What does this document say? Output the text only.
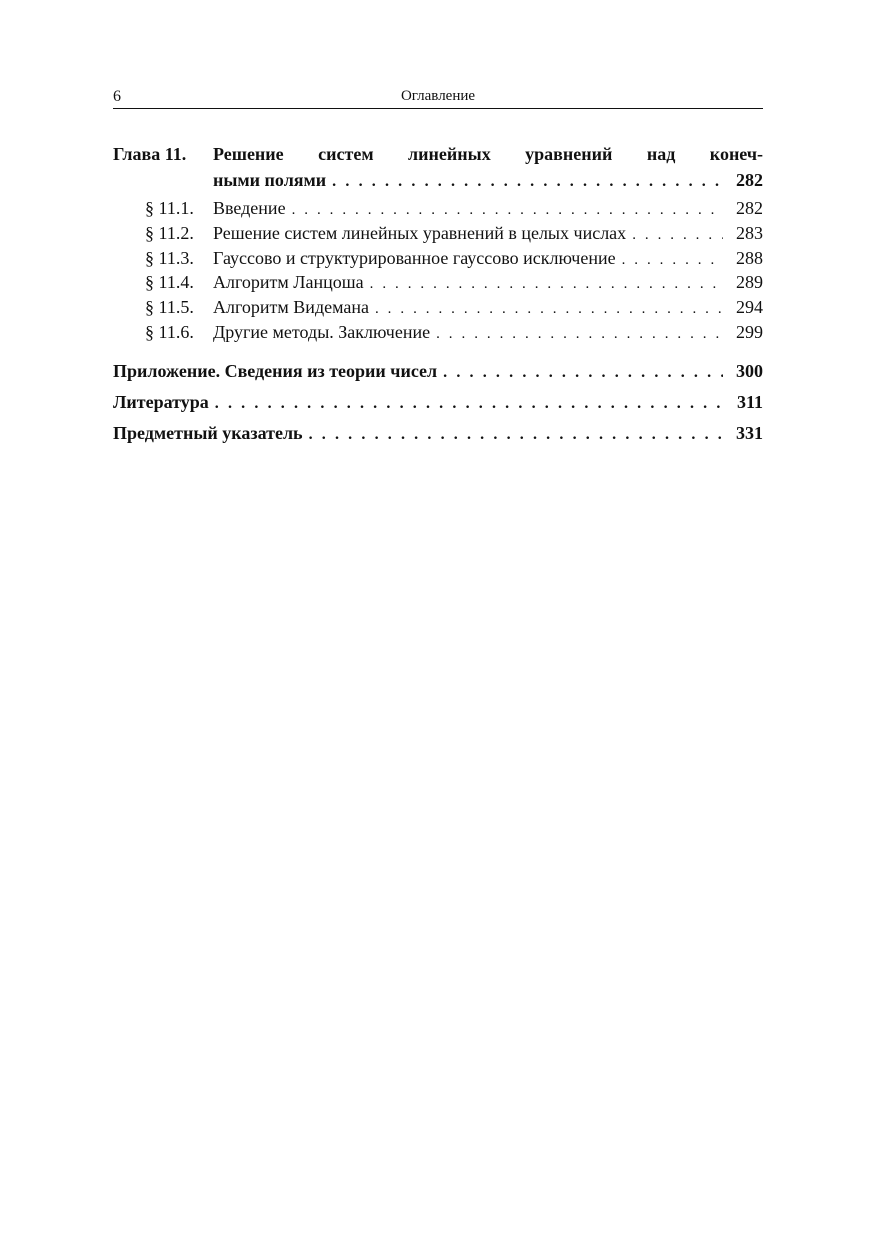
6	Оглавление
Глава 11.	Решение систем линейных уравнений над конеч-
ными полями . . .	282
§ 11.1.	Введение . . .	282
§ 11.2.	Решение систем линейных уравнений в целых числах . . .	283
§ 11.3.	Гауссово и структурированное гауссово исключение . . .	288
§ 11.4.	Алгоритм Ланцоша . . .	289
§ 11.5.	Алгоритм Видемана . . .	294
§ 11.6.	Другие методы. Заключение . . .	299
Приложение. Сведения из теории чисел . . .	300
Литература . . .	311
Предметный указатель . . .	331
